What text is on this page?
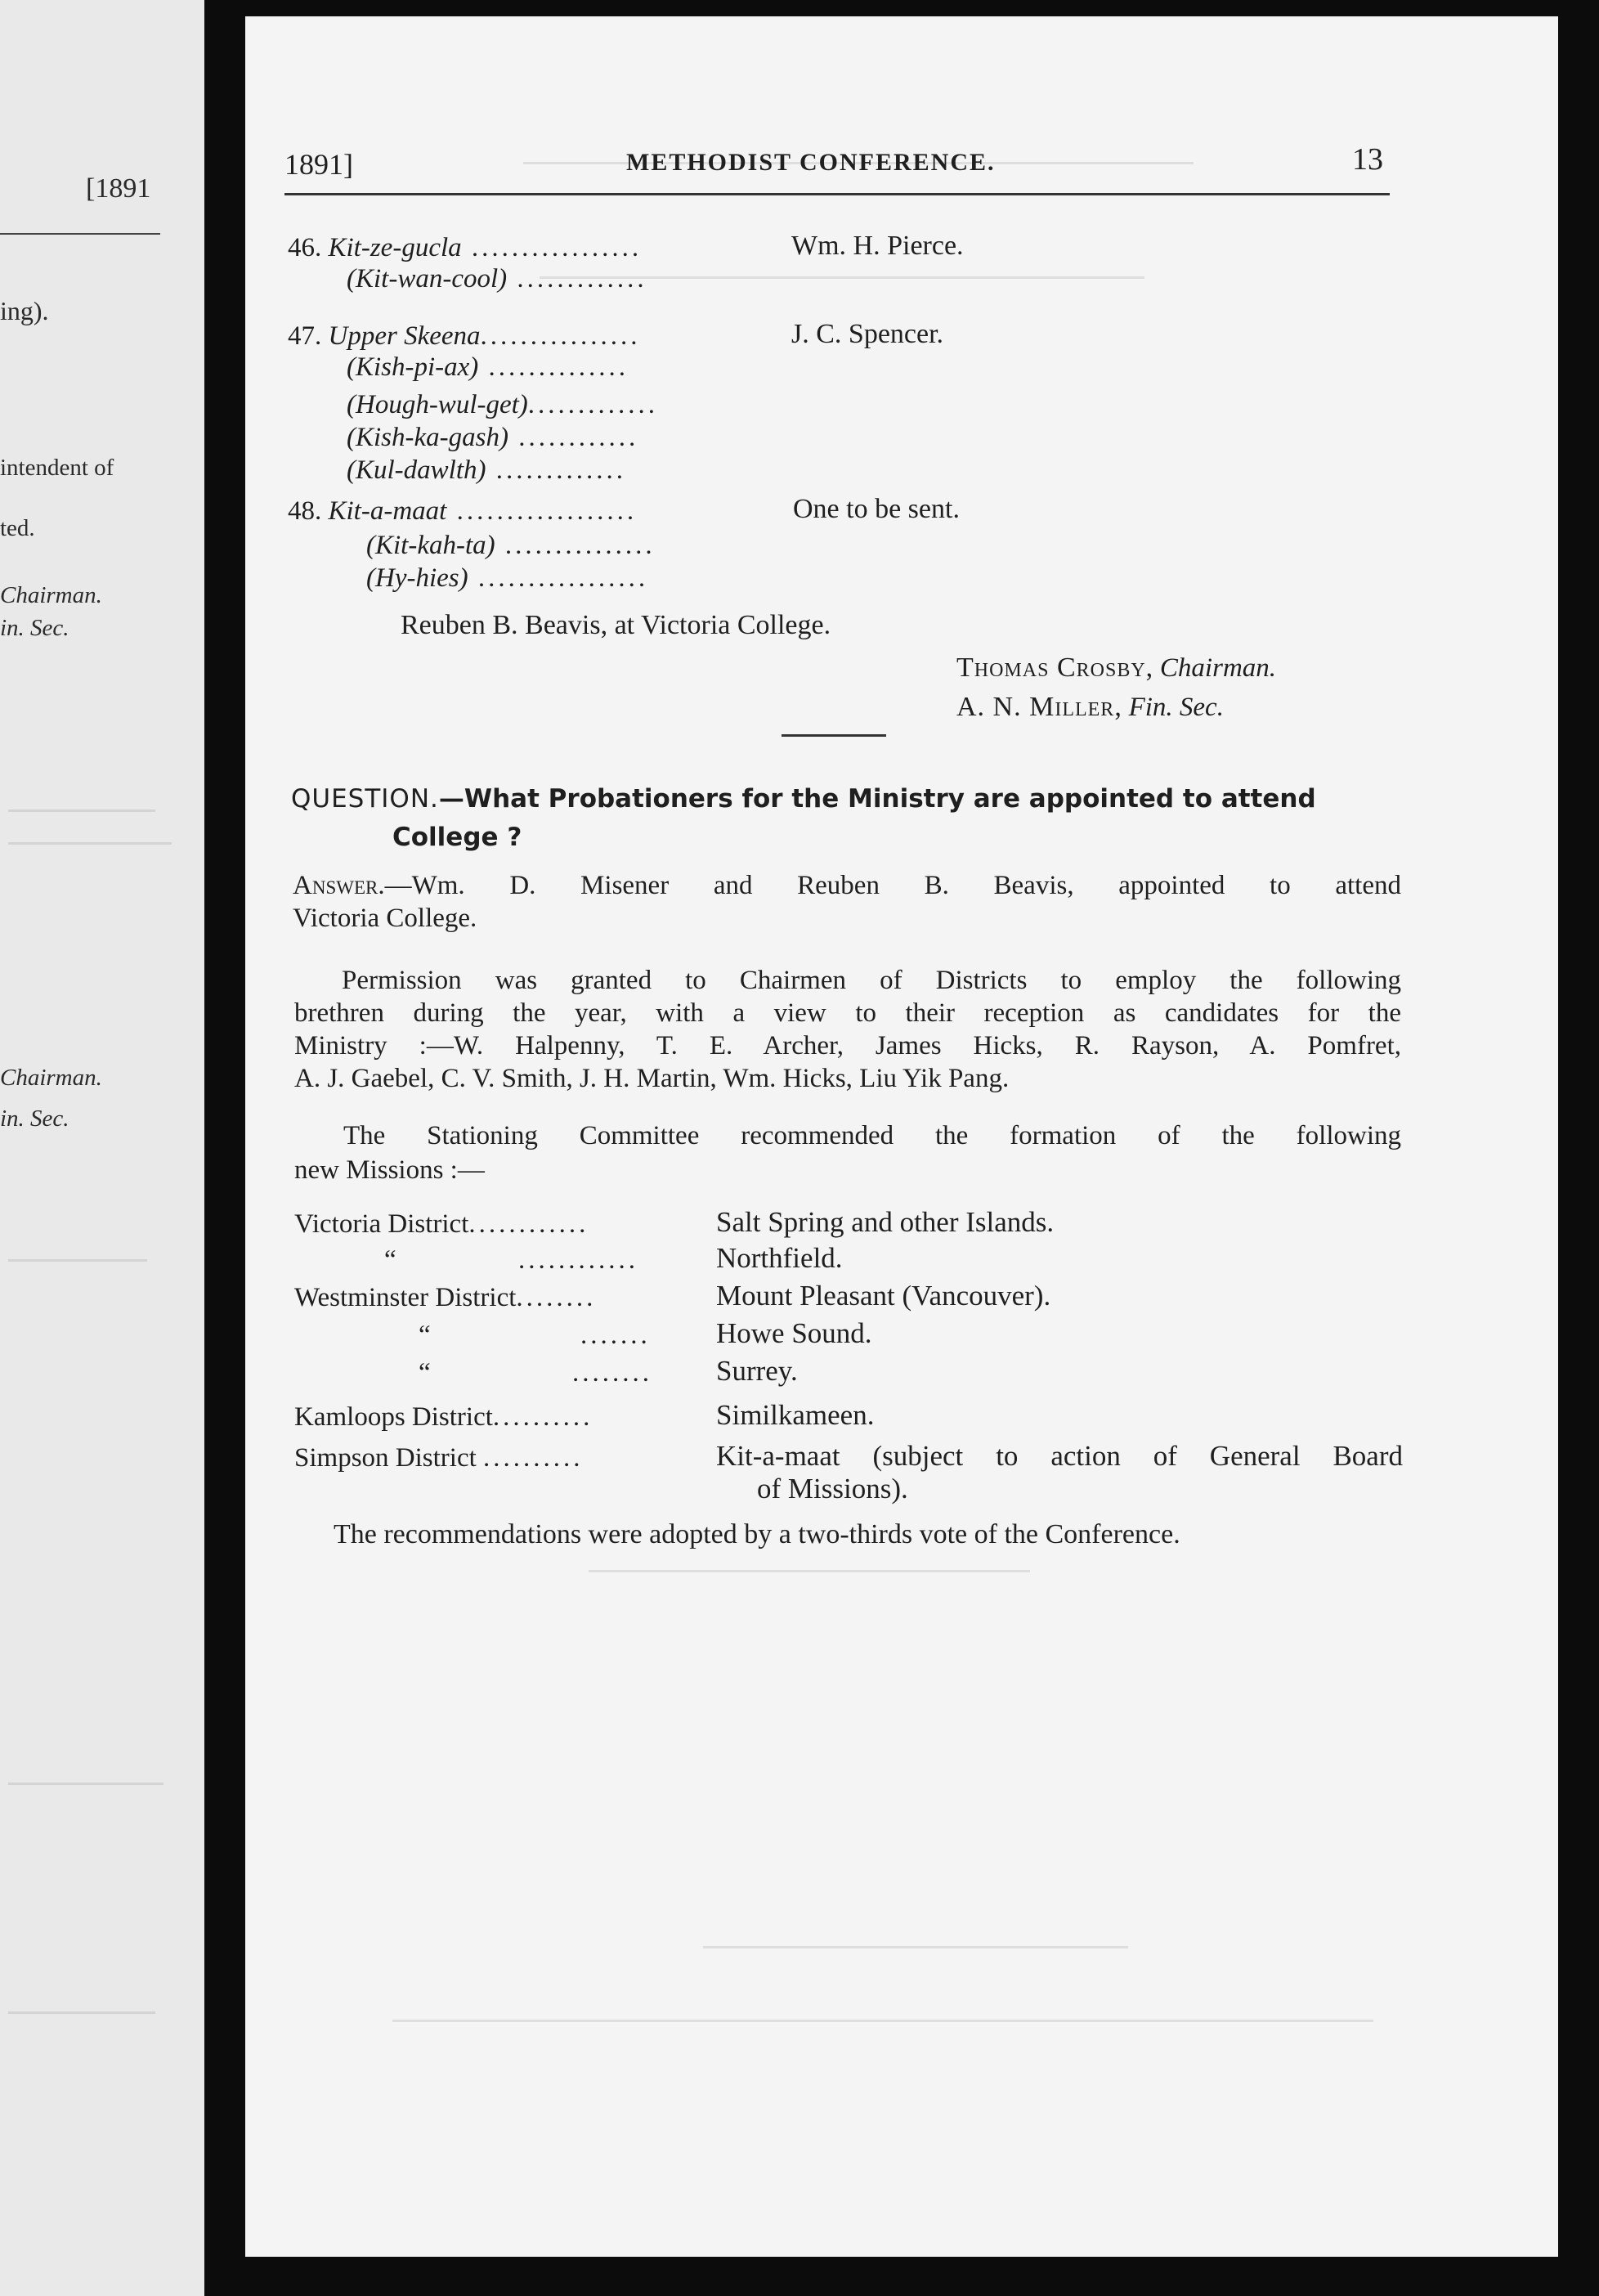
[1891
ing).
intendent of
ted.
Chairman.
in. Sec.
Chairman.
in. Sec.
1891]	METHODIST CONFERENCE.	13
46. Kit-ze-gucla .................	Wm. H. Pierce.
(Kit-wan-cool) .............
47. Upper Skeena................	J. C. Spencer.
(Kish-pi-ax) ..............
(Hough-wul-get).............
(Kish-ka-gash) ............
(Kul-dawlth) .............
48. Kit-a-maat ..................	One to be sent.
(Kit-kah-ta) ...............
(Hy-hies) .................
Reuben B. Beavis, at Victoria College.
Thomas Crosby, Chairman.
A. N. Miller, Fin. Sec.
QUESTION.—What Probationers for the Ministry are appointed to attend
College ?
Answer.—Wm. D. Misener and Reuben B. Beavis, appointed to attend
Victoria College.
Permission was granted to Chairmen of Districts to employ the following
brethren during the year, with a view to their reception as candidates for the
Ministry :—W. Halpenny, T. E. Archer, James Hicks, R. Rayson, A. Pomfret,
A. J. Gaebel, C. V. Smith, J. H. Martin, Wm. Hicks, Liu Yik Pang.
The Stationing Committee recommended the formation of the following
new Missions :—
Victoria District............	Salt Spring and other Islands.
“	............	Northfield.
Westminster District........	Mount Pleasant (Vancouver).
“	....... Howe Sound.
“	........ Surrey.
Kamloops District..........	Similkameen.
Simpson District ..........	Kit-a-maat (subject to action of General Board
of Missions).
The recommendations were adopted by a two-thirds vote of the Conference.
